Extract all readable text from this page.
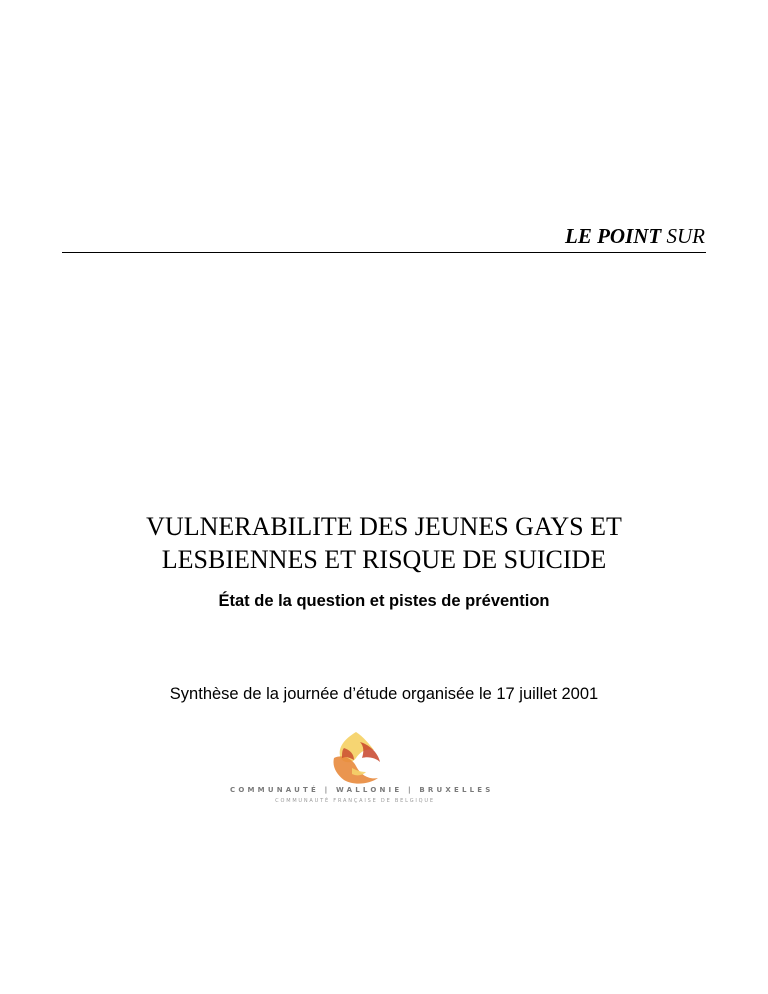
LE POINT SUR
VULNERABILITE DES JEUNES GAYS ET
LESBIENNES ET RISQUE DE SUICIDE
État de la question et pistes de prévention
Synthèse de la journée d’étude organisée le 17 juillet 2001
COMMUNAUTÉ | WALLONIE | BRUXELLES
COMMUNAUTÉ FRANÇAISE DE BELGIQUE
